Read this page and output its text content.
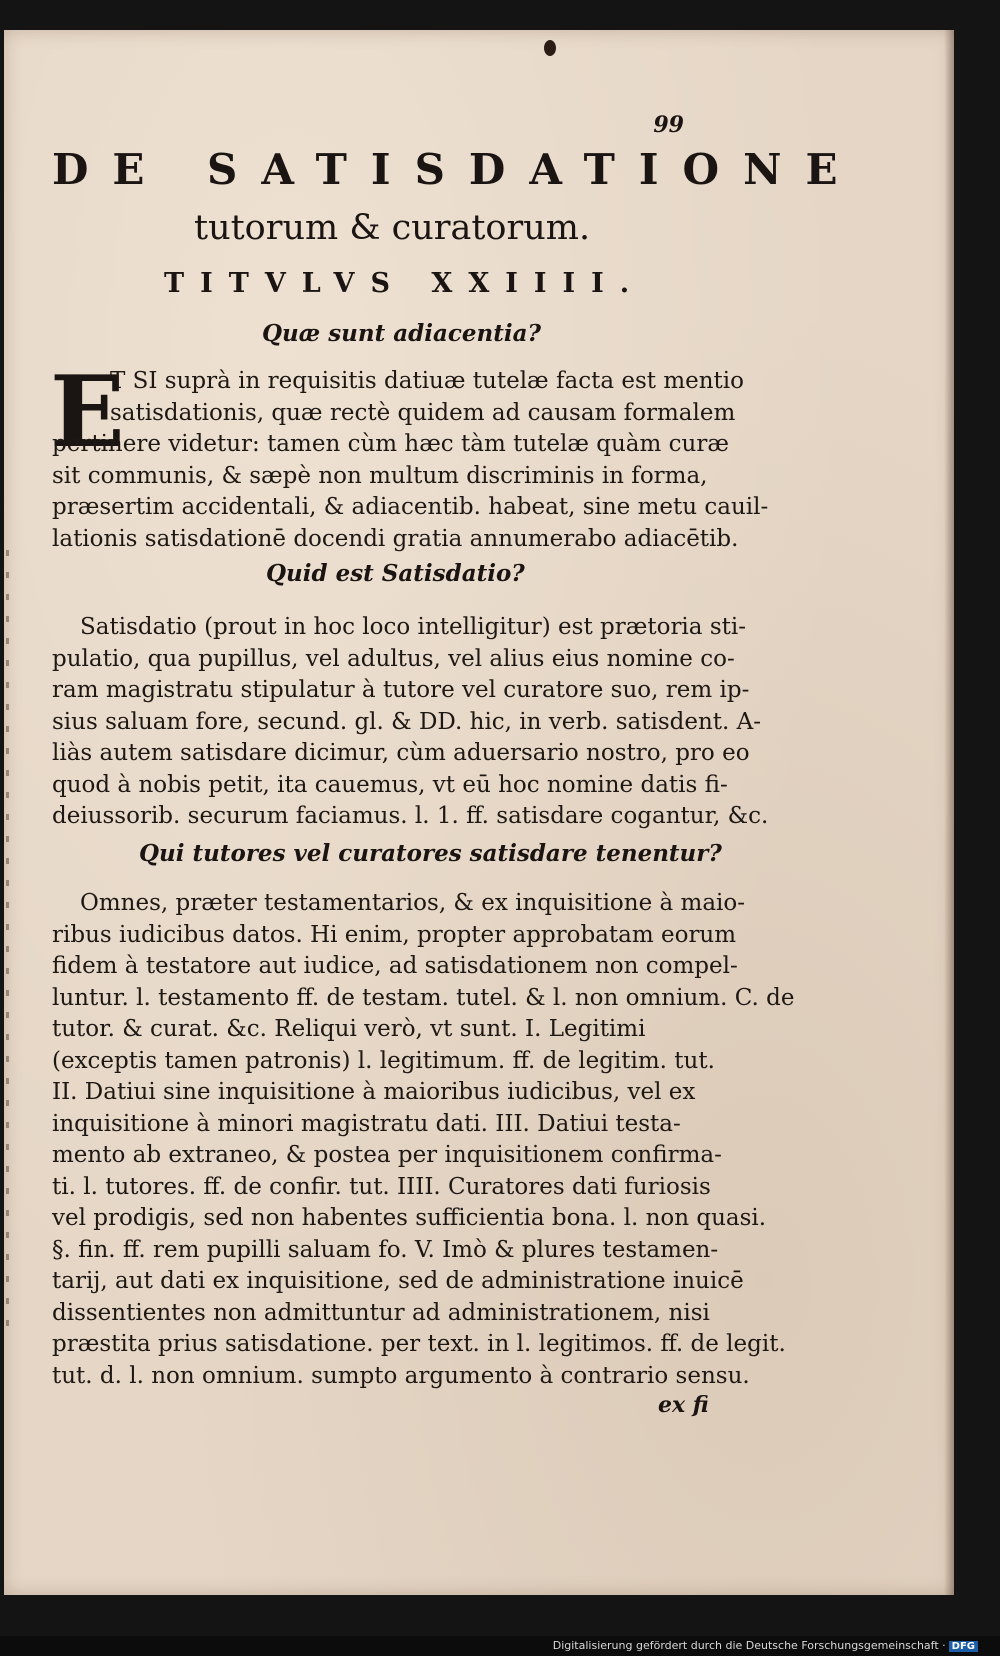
99
DE SATISDATIONE
tutorum & curatorum.
TITVLVS XXIIII.
Quæ sunt adiacentia?
E
T SI suprà in requisitis datiuæ tutelæ facta est mentio
satisdationis, quæ rectè quidem ad causam formalem
pertinere videtur: tamen cùm hæc tàm tutelæ quàm curæ
sit communis, & sæpè non multum discriminis in forma,
præsertim accidentali, & adiacentib. habeat, sine metu cauil-
lationis satisdationē docendi gratia annumerabo adiacētib.
Quid est Satisdatio?
Satisdatio (prout in hoc loco intelligitur) est prætoria sti-
pulatio, qua pupillus, vel adultus, vel alius eius nomine co-
ram magistratu stipulatur à tutore vel curatore suo, rem ip-
sius saluam fore, secund. gl. & DD. hic, in verb. satisdent. A-
liàs autem satisdare dicimur, cùm aduersario nostro, pro eo
quod à nobis petit, ita cauemus, vt eū hoc nomine datis fi-
deiussorib. securum faciamus. l. 1. ff. satisdare cogantur, &c.
Qui tutores vel curatores satisdare tenentur?
Omnes, præter testamentarios, & ex inquisitione à maio-
ribus iudicibus datos. Hi enim, propter approbatam eorum
fidem à testatore aut iudice, ad satisdationem non compel-
luntur. l. testamento ff. de testam. tutel. & l. non omnium. C. de
tutor. & curat. &c. Reliqui verò, vt sunt. I. Legitimi
(exceptis tamen patronis) l. legitimum. ff. de legitim. tut.
II. Datiui sine inquisitione à maioribus iudicibus, vel ex
inquisitione à minori magistratu dati. III. Datiui testa-
mento ab extraneo, & postea per inquisitionem confirma-
ti. l. tutores. ff. de confir. tut. IIII. Curatores dati furiosis
vel prodigis, sed non habentes sufficientia bona. l. non quasi.
§. fin. ff. rem pupilli saluam fo. V. Imò & plures testamen-
tarij, aut dati ex inquisitione, sed de administratione inuicē
dissentientes non admittuntur ad administrationem, nisi
præstita prius satisdatione. per text. in l. legitimos. ff. de legit.
tut. d. l. non omnium. sumpto argumento à contrario sensu.
ex fi
Digitalisierung gefördert durch die Deutsche Forschungsgemeinschaft · DFG
